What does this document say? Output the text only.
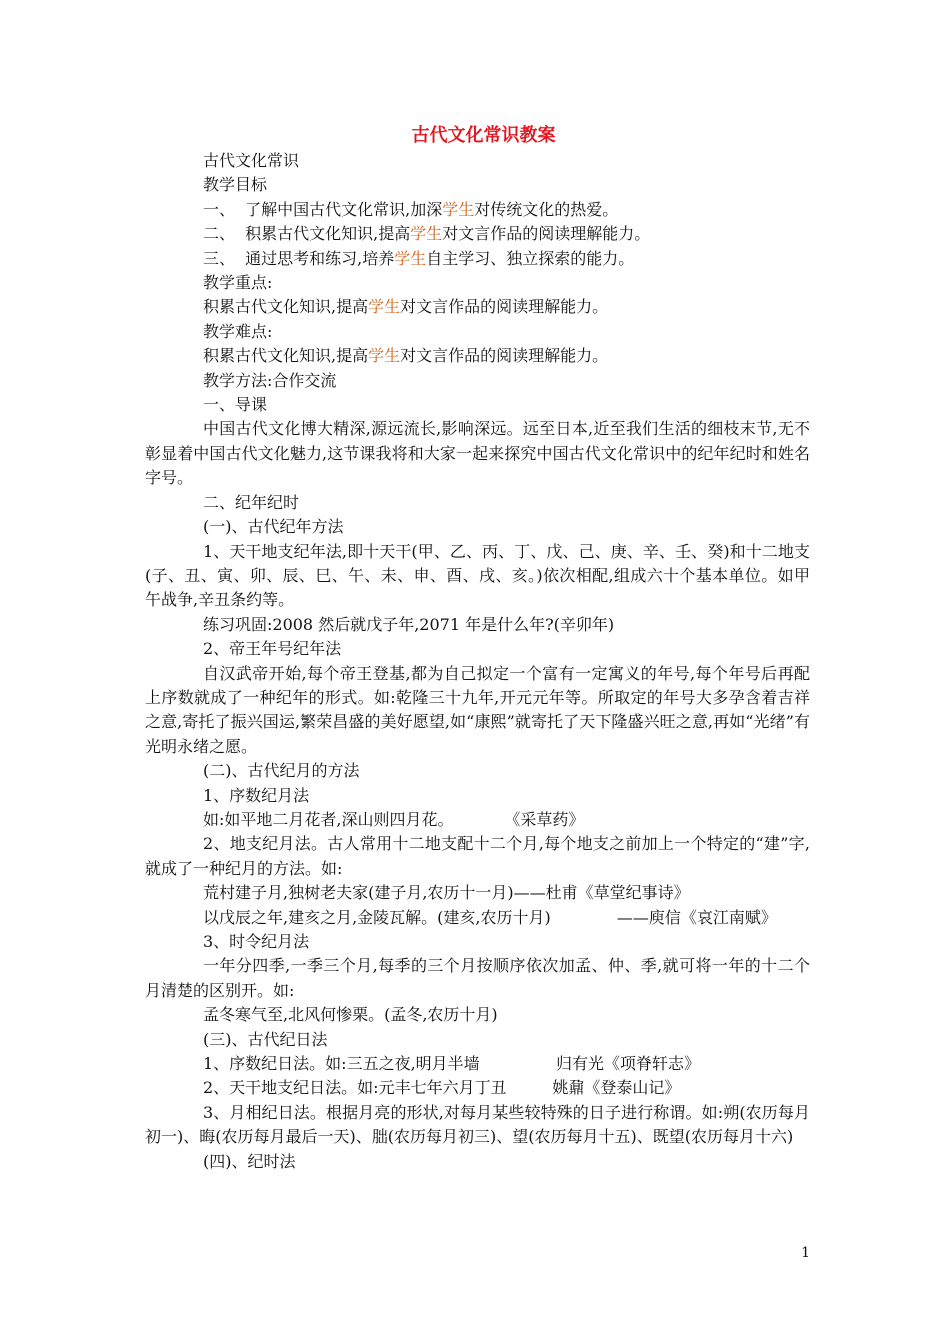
古代文化常识教案

古代文化常识

教学目标

一、  了解中国古代文化常识,加深学生对传统文化的热爱。

二、  积累古代文化知识,提高学生对文言作品的阅读理解能力。

三、  通过思考和练习,培养学生自主学习、独立探索的能力。

教学重点:

积累古代文化知识,提高学生对文言作品的阅读理解能力。

教学难点:

积累古代文化知识,提高学生对文言作品的阅读理解能力。

教学方法:合作交流

一、导课

中国古代文化博大精深,源远流长,影响深远。远至日本,近至我们生活的细枝末节,无不彰显着中国古代文化魅力,这节课我将和大家一起来探究中国古代文化常识中的纪年纪时和姓名字号。

二、纪年纪时

(一)、古代纪年方法

1、天干地支纪年法,即十天干(甲、乙、丙、丁、戊、己、庚、辛、壬、癸)和十二地支(子、丑、寅、卯、辰、巳、午、未、申、酉、戌、亥。)依次相配,组成六十个基本单位。如甲午战争,辛丑条约等。

练习巩固:2008 然后就戊子年,2071 年是什么年?(辛卯年)

2、帝王年号纪年法

自汉武帝开始,每个帝王登基,都为自己拟定一个富有一定寓义的年号,每个年号后再配上序数就成了一种纪年的形式。如:乾隆三十九年,开元元年等。所取定的年号大多孕含着吉祥之意,寄托了振兴国运,繁荣昌盛的美好愿望,如“康熙”就寄托了天下隆盛兴旺之意,再如“光绪”有光明永绪之愿。

(二)、古代纪月的方法

1、序数纪月法

如:如平地二月花者,深山则四月花。          《采草药》

2、地支纪月法。古人常用十二地支配十二个月,每个地支之前加上一个特定的“建”字,就成了一种纪月的方法。如:

荒村建子月,独树老夫家(建子月,农历十一月)——杜甫《草堂纪事诗》

以戊辰之年,建亥之月,金陵瓦解。(建亥,农历十月)             ——庾信《哀江南赋》

3、时令纪月法

一年分四季,一季三个月,每季的三个月按顺序依次加孟、仲、季,就可将一年的十二个月清楚的区别开。如:

孟冬寒气至,北风何惨栗。(孟冬,农历十月)

(三)、古代纪日法

1、序数纪日法。如:三五之夜,明月半墙               归有光《项脊轩志》

2、天干地支纪日法。如:元丰七年六月丁丑         姚鼐《登泰山记》

3、月相纪日法。根据月亮的形状,对每月某些较特殊的日子进行称谓。如:朔(农历每月初一)、晦(农历每月最后一天)、朏(农历每月初三)、望(农历每月十五)、既望(农历每月十六)

(四)、纪时法

1
